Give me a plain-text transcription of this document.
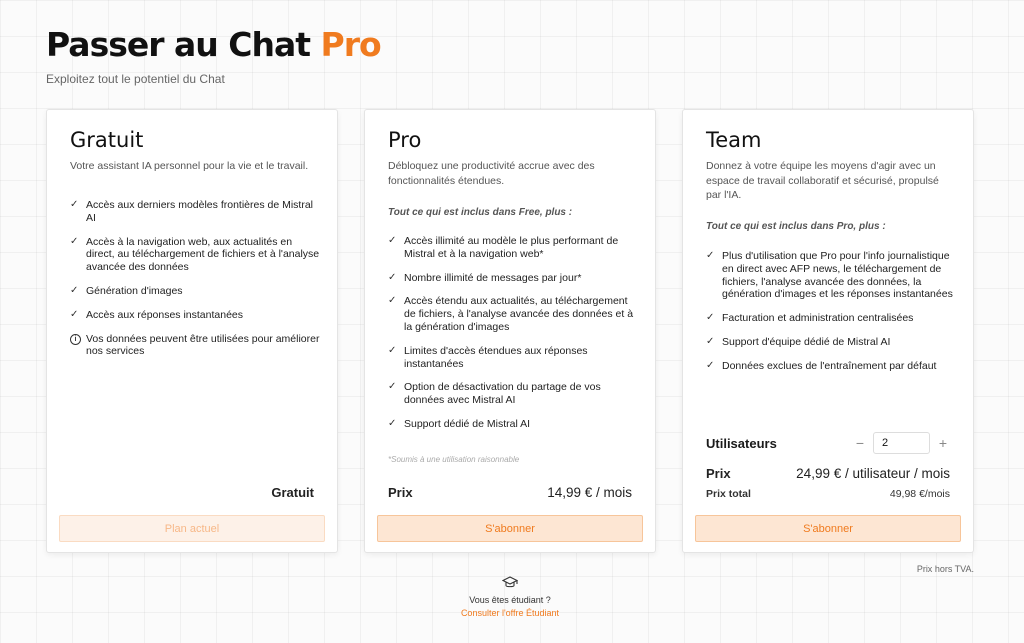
Passer au Chat Pro
Exploitez tout le potentiel du Chat
Gratuit
Votre assistant IA personnel pour la vie et le travail.
✓ Accès aux derniers modèles frontières de Mistral AI
✓ Accès à la navigation web, aux actualités en direct, au téléchargement de fichiers et à l'analyse avancée des données
✓ Génération d'images
✓ Accès aux réponses instantanées
i Vos données peuvent être utilisées pour améliorer nos services
Gratuit
Plan actuel
Pro
Débloquez une productivité accrue avec des fonctionnalités étendues.
Tout ce qui est inclus dans Free, plus :
✓ Accès illimité au modèle le plus performant de Mistral et à la navigation web*
✓ Nombre illimité de messages par jour*
✓ Accès étendu aux actualités, au téléchargement de fichiers, à l'analyse avancée des données et à la génération d'images
✓ Limites d'accès étendues aux réponses instantanées
✓ Option de désactivation du partage de vos données avec Mistral AI
✓ Support dédié de Mistral AI
*Soumis à une utilisation raisonnable
Prix	14,99 € / mois
S'abonner
Team
Donnez à votre équipe les moyens d'agir avec un espace de travail collaboratif et sécurisé, propulsé par l'IA.
Tout ce qui est inclus dans Pro, plus :
✓ Plus d'utilisation que Pro pour l'info journalistique en direct avec AFP news, le téléchargement de fichiers, l'analyse avancée des données, la génération d'images et les réponses instantanées
✓ Facturation et administration centralisées
✓ Support d'équipe dédié de Mistral AI
✓ Données exclues de l'entraînement par défaut
Utilisateurs	−
2	+
Prix	24,99 € / utilisateur / mois
Prix total	49,98 €/mois
S'abonner
Prix hors TVA.
Vous êtes étudiant ?
Consulter l'offre Étudiant
